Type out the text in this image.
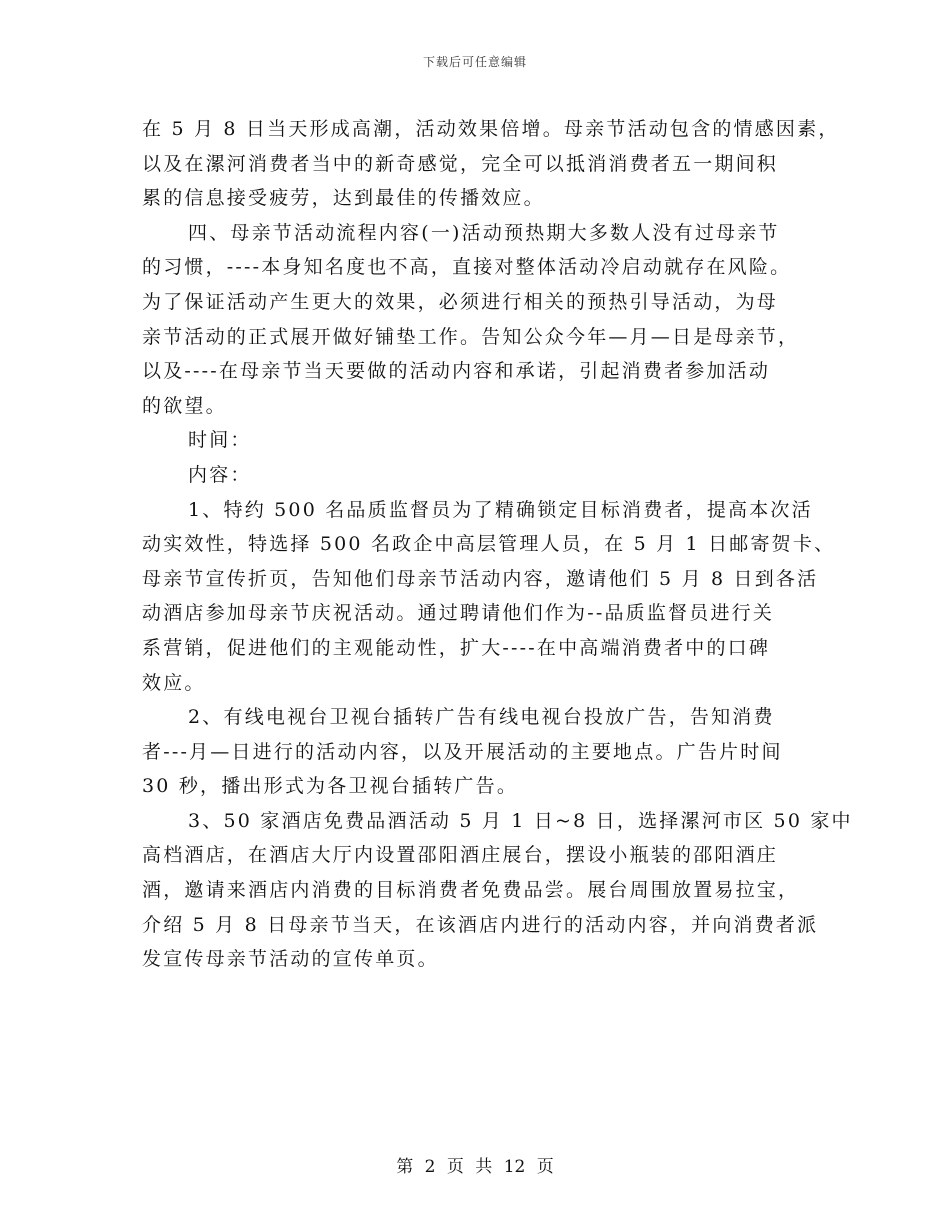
下载后可任意编辑
在 5 月 8 日当天形成高潮，活动效果倍增。母亲节活动包含的情感因素，
以及在漯河消费者当中的新奇感觉，完全可以抵消消费者五一期间积
累的信息接受疲劳，达到最佳的传播效应。
四、母亲节活动流程内容(一)活动预热期大多数人没有过母亲节
的习惯，----本身知名度也不高，直接对整体活动冷启动就存在风险。
为了保证活动产生更大的效果，必须进行相关的预热引导活动，为母
亲节活动的正式展开做好铺垫工作。告知公众今年—月—日是母亲节，
以及----在母亲节当天要做的活动内容和承诺，引起消费者参加活动
的欲望。
时间：
内容：
1、特约 500 名品质监督员为了精确锁定目标消费者，提高本次活
动实效性，特选择 500 名政企中高层管理人员，在 5 月 1 日邮寄贺卡、
母亲节宣传折页，告知他们母亲节活动内容，邀请他们 5 月 8 日到各活
动酒店参加母亲节庆祝活动。通过聘请他们作为--品质监督员进行关
系营销，促进他们的主观能动性，扩大----在中高端消费者中的口碑
效应。
2、有线电视台卫视台插转广告有线电视台投放广告，告知消费
者---月—日进行的活动内容，以及开展活动的主要地点。广告片时间
30 秒，播出形式为各卫视台插转广告。
3、50 家酒店免费品酒活动 5 月 1 日~8 日，选择漯河市区 50 家中
高档酒店，在酒店大厅内设置邵阳酒庄展台，摆设小瓶装的邵阳酒庄
酒，邀请来酒店内消费的目标消费者免费品尝。展台周围放置易拉宝，
介绍 5 月 8 日母亲节当天，在该酒店内进行的活动内容，并向消费者派
发宣传母亲节活动的宣传单页。
第 2 页 共 12 页
